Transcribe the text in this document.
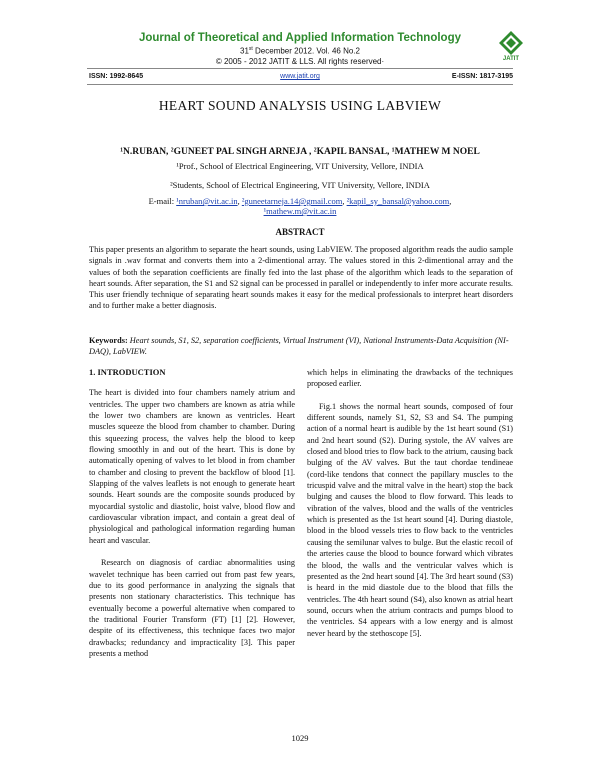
Journal of Theoretical and Applied Information Technology
31st December 2012. Vol. 46 No.2
© 2005 - 2012 JATIT & LLS. All rights reserved·	JATIT
ISSN: 1992-8645	www.jatit.org	E-ISSN: 1817-3195
HEART SOUND ANALYSIS USING LABVIEW
¹N.RUBAN, ²GUNEET PAL SINGH ARNEJA , ²KAPIL BANSAL, ¹MATHEW M NOEL
¹Prof., School of Electrical Engineering, VIT University, Vellore, INDIA
²Students, School of Electrical Engineering, VIT University, Vellore, INDIA
E-mail: ¹nruban@vit.ac.in, ²guneetarneja.14@gmail.com, ²kapil_sy_bansal@yahoo.com,
¹mathew.m@vit.ac.in
ABSTRACT
This paper presents an algorithm to separate the heart sounds, using LabVIEW. The proposed algorithm reads the audio sample signals in .wav format and converts them into a 2-dimentional array. The values stored in this 2-dimentional array and the values of both the separation coefficients are finally fed into the last phase of the algorithm which leads to the separation of heart sounds. After separation, the S1 and S2 signal can be processed in parallel or independently to infer more accurate results. This user friendly technique of separating heart sounds makes it easy for the medical professionals to interpret heart disorders and to further make a better diagnosis.
Keywords: Heart sounds, S1, S2, separation coefficients, Virtual Instrument (VI), National Instruments-Data Acquisition (NI-DAQ), LabVIEW.

1. INTRODUCTION

The heart is divided into four chambers namely atrium and ventricles. The upper two chambers are known as atria while the lower two chambers are known as ventricles. Heart muscles squeeze the blood from chamber to chamber. During this squeezing process, the valves help the blood to keep flowing smoothly in and out of the heart. This is done by automatically opening of valves to let blood in from chamber to chamber and closing to prevent the backflow of blood [1]. Slapping of the valves leaflets is not enough to generate heart sounds. Heart sounds are the composite sounds produced by myocardial systolic and diastolic, hoist valve, blood flow and cardiovascular vibration impact, and contain a great deal of physiological and pathological information regarding human heart and vascular.

Research on diagnosis of cardiac abnormalities using wavelet technique has been carried out from past few years, due to its good performance in analyzing the signals that presents non stationary characteristics. This technique has eventually become a powerful alternative when compared to the traditional Fourier Transform (FT) [1] [2]. However, despite of its effectiveness, this technique faces two major drawbacks; redundancy and impracticality [3]. This paper presents a method

which helps in eliminating the drawbacks of the techniques proposed earlier.

Fig.1 shows the normal heart sounds, composed of four different sounds, namely S1, S2, S3 and S4. The pumping action of a normal heart is audible by the 1st heart sound (S1) and 2nd heart sound (S2). During systole, the AV valves are closed and blood tries to flow back to the atrium, causing back bulging of the AV valves. But the taut chordae tendineae (cord-like tendons that connect the papillary muscles to the tricuspid valve and the mitral valve in the heart) stop the back bulging and causes the blood to flow forward. This leads to vibration of the valves, blood and the walls of the ventricles which is presented as the 1st heart sound [4]. During diastole, blood in the blood vessels tries to flow back to the ventricles causing the semilunar valves to bulge. But the elastic recoil of the arteries cause the blood to bounce forward which vibrates the blood, the walls and the ventricular valves which is presented as the 2nd heart sound [4]. The 3rd heart sound (S3) is heard in the mid diastole due to the blood that fills the ventricles. The 4th heart sound (S4), also known as atrial heart sound, occurs when the atrium contracts and pumps blood to the ventricles. S4 appears with a low energy and is almost never heard by the stethoscope [5].

1029
